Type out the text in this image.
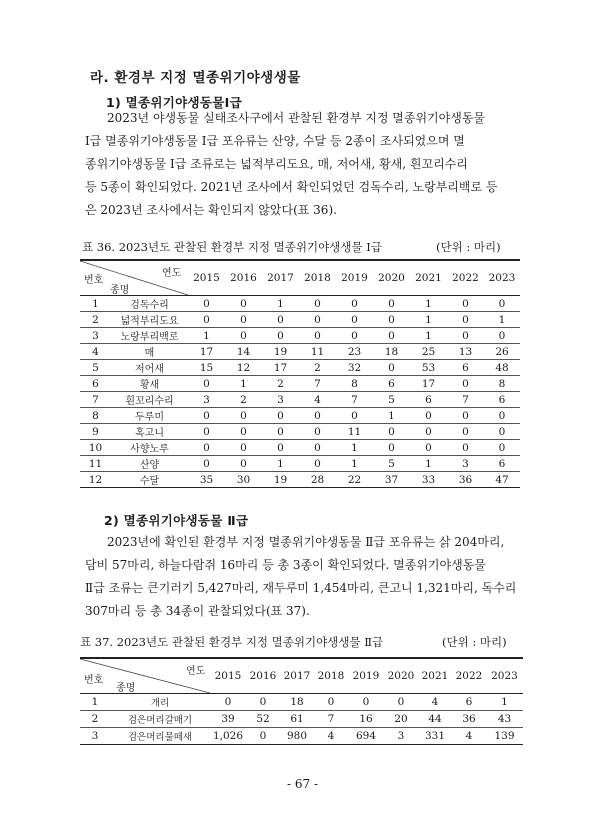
라. 환경부 지정 멸종위기야생생물
1) 멸종위기야생동물Ⅰ급
2023년 야생동물 실태조사구에서 관찰된 환경부 지정 멸종위기야생동물
Ⅰ급 멸종위기야생동물 Ⅰ급 포유류는 산양, 수달 등 2종이 조사되었으며 멸
종위기야생동물 Ⅰ급 조류로는 넓적부리도요, 매, 저어새, 황새, 흰꼬리수리
등 5종이 확인되었다. 2021년 조사에서 확인되었던 검독수리, 노랑부리백로 등
은 2023년 조사에서는 확인되지 않았다(표 36).
표 36. 2023년도 관찰된 환경부 지정 멸종위기야생생물 Ⅰ급	(단위 : 마리)
연도
번호
종명		2015	2016	2017	2018	2019	2020	2021	2022	2023
1	검독수리	0	0	1	0	0	0	1	0	0
2	넓적부리도요	0	0	0	0	0	0	1	0	1
3	노랑부리백로	1	0	0	0	0	0	1	0	0
4	매	17	14	19	11	23	18	25	13	26
5	저어새	15	12	17	2	32	0	53	6	48
6	황새	0	1	2	7	8	6	17	0	8
7	흰꼬리수리	3	2	3	4	7	5	6	7	6
8	두루미	0	0	0	0	0	1	0	0	0
9	혹고니	0	0	0	0	11	0	0	0	0
10	사향노루	0	0	0	0	1	0	0	0	0
11	산양	0	0	1	0	1	5	1	3	6
12	수달	35	30	19	28	22	37	33	36	47
2) 멸종위기야생동물 Ⅱ급
2023년에 확인된 환경부 지정 멸종위기야생동물 Ⅱ급 포유류는 삵 204마리,
담비 57마리, 하늘다람쥐 16마리 등 총 3종이 확인되었다. 멸종위기야생동물
Ⅱ급 조류는 큰기러기 5,427마리, 재두루미 1,454마리, 큰고니 1,321마리, 독수리
307마리 등 총 34종이 관찰되었다(표 37).
표 37. 2023년도 관찰된 환경부 지정 멸종위기야생생물 Ⅱ급	(단위 : 마리)
연도
번호
종명		2015	2016	2017	2018	2019	2020	2021	2022	2023
1	개리	0	0	18	0	0	0	4	6	1
2	검은머리갈매기	39	52	61	7	16	20	44	36	43
3	검은머리물떼새	1,026	0	980	4	694	3	331	4	139
- 67 -
